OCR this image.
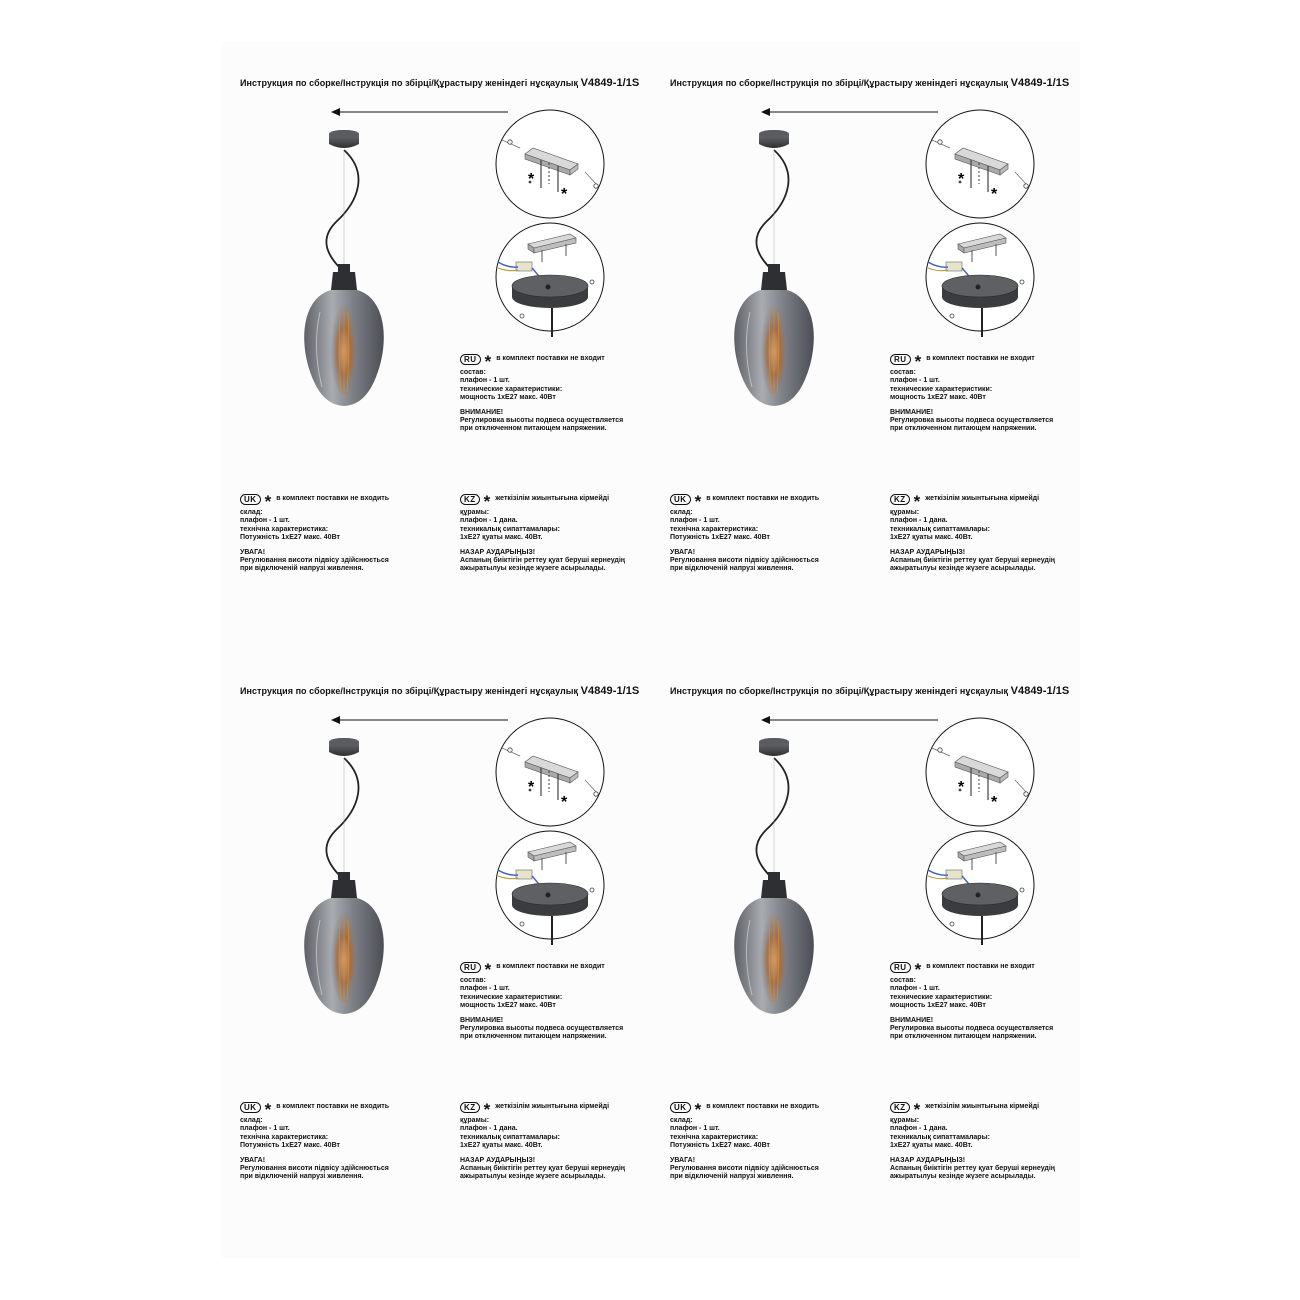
Инструкция по сборке/Інструкція по збірці/Құрастыру женіндегі нұсқаулық V4849-1/1S
*
*
RU * в комплект поставки не входит
состав:
плафон - 1 шт.
технические характеристики:
мощность 1хE27 макс. 40Вт
ВНИМАНИЕ!
Регулировка высоты подвеса осуществляется
при отключенном питающем напряжении.
UK * в комплект поставки не входить
склад:
плафон - 1 шт.
технічна характеристика:
Потужність 1хE27 макс. 40Вт
УВАГА!
Регулювання висоти підвісу здійснюється
при відключеній напрузі живлення.
KZ * жеткізілім жиынтығына кірмейді
құрамы:
плафон - 1 дана.
техникалық сипаттамалары:
1хE27 қуаты макс. 40Вт.
НАЗАР АУДАРЫҢЫЗ!
Аспаның биіктігін реттеу қуат беруші кернеудің
ажыратылуы кезінде жүзеге асырылады.
Инструкция по сборке/Інструкція по збірці/Құрастыру женіндегі нұсқаулық V4849-1/1S
*
*
RU * в комплект поставки не входит
состав:
плафон - 1 шт.
технические характеристики:
мощность 1хE27 макс. 40Вт
ВНИМАНИЕ!
Регулировка высоты подвеса осуществляется
при отключенном питающем напряжении.
UK * в комплект поставки не входить
склад:
плафон - 1 шт.
технічна характеристика:
Потужність 1хE27 макс. 40Вт
УВАГА!
Регулювання висоти підвісу здійснюється
при відключеній напрузі живлення.
KZ * жеткізілім жиынтығына кірмейді
құрамы:
плафон - 1 дана.
техникалық сипаттамалары:
1хE27 қуаты макс. 40Вт.
НАЗАР АУДАРЫҢЫЗ!
Аспаның биіктігін реттеу қуат беруші кернеудің
ажыратылуы кезінде жүзеге асырылады.
Инструкция по сборке/Інструкція по збірці/Құрастыру женіндегі нұсқаулық V4849-1/1S
*
*
RU * в комплект поставки не входит
состав:
плафон - 1 шт.
технические характеристики:
мощность 1хE27 макс. 40Вт
ВНИМАНИЕ!
Регулировка высоты подвеса осуществляется
при отключенном питающем напряжении.
UK * в комплект поставки не входить
склад:
плафон - 1 шт.
технічна характеристика:
Потужність 1хE27 макс. 40Вт
УВАГА!
Регулювання висоти підвісу здійснюється
при відключеній напрузі живлення.
KZ * жеткізілім жиынтығына кірмейді
құрамы:
плафон - 1 дана.
техникалық сипаттамалары:
1хE27 қуаты макс. 40Вт.
НАЗАР АУДАРЫҢЫЗ!
Аспаның биіктігін реттеу қуат беруші кернеудің
ажыратылуы кезінде жүзеге асырылады.
Инструкция по сборке/Інструкція по збірці/Құрастыру женіндегі нұсқаулық V4849-1/1S
*
*
RU * в комплект поставки не входит
состав:
плафон - 1 шт.
технические характеристики:
мощность 1хE27 макс. 40Вт
ВНИМАНИЕ!
Регулировка высоты подвеса осуществляется
при отключенном питающем напряжении.
UK * в комплект поставки не входить
склад:
плафон - 1 шт.
технічна характеристика:
Потужність 1хE27 макс. 40Вт
УВАГА!
Регулювання висоти підвісу здійснюється
при відключеній напрузі живлення.
KZ * жеткізілім жиынтығына кірмейді
құрамы:
плафон - 1 дана.
техникалық сипаттамалары:
1хE27 қуаты макс. 40Вт.
НАЗАР АУДАРЫҢЫЗ!
Аспаның биіктігін реттеу қуат беруші кернеудің
ажыратылуы кезінде жүзеге асырылады.
